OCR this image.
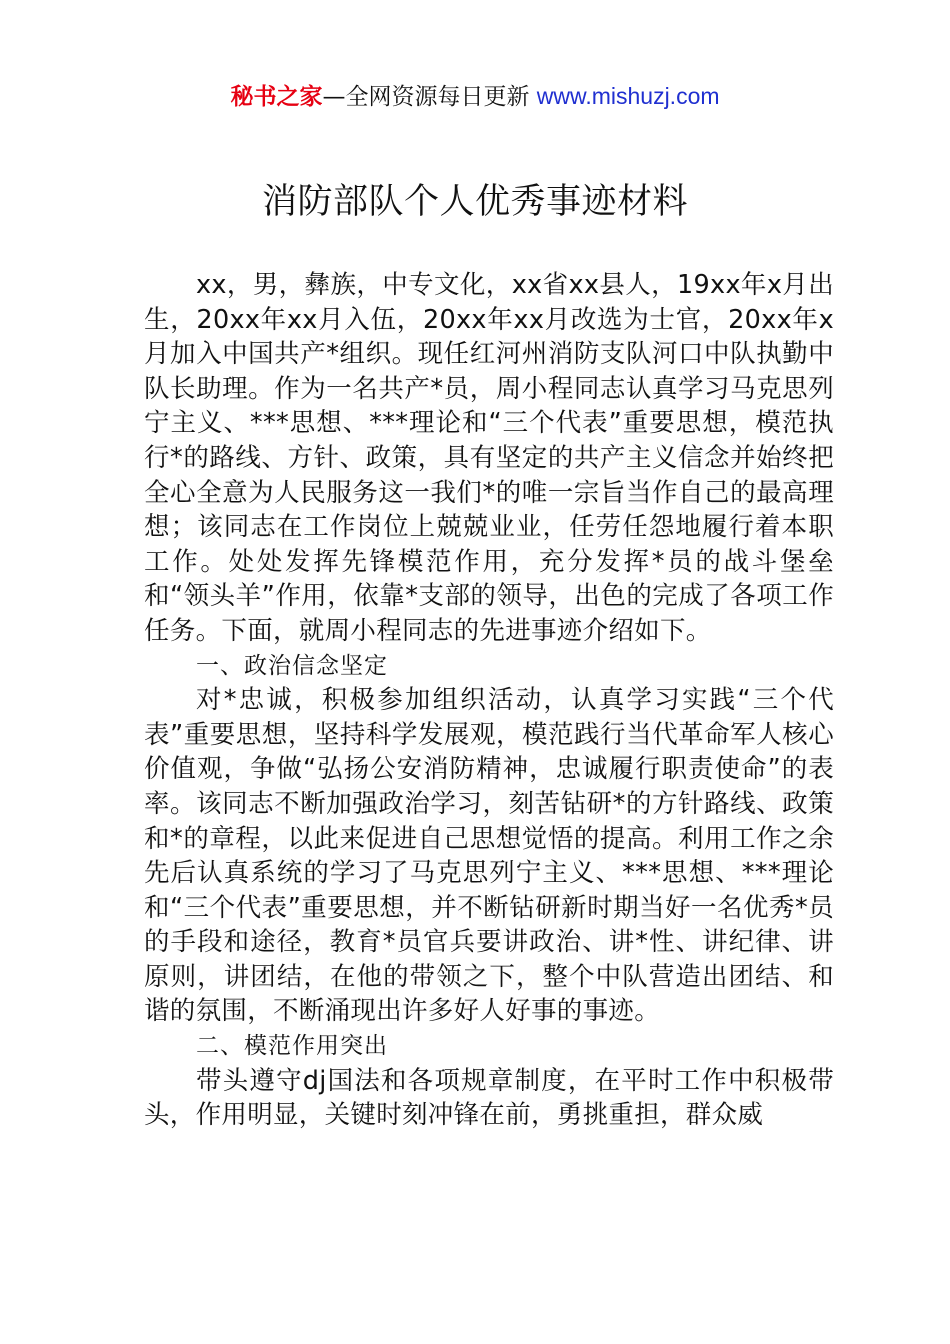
秘书之家—全网资源每日更新 www.mishuzj.com
消防部队个人优秀事迹材料

xx，男，彝族，中专文化，xx省xx县人，19xx年x月出生，20xx年xx月入伍，20xx年xx月改选为士官，20xx年x月加入中国共产*组织。现任红河州消防支队河口中队执勤中队长助理。作为一名共产*员，周小程同志认真学习马克思列宁主义、***思想、***理论和“三个代表”重要思想，模范执行*的路线、方针、政策，具有坚定的共产主义信念并始终把全心全意为人民服务这一我们*的唯一宗旨当作自己的最高理想；该同志在工作岗位上兢兢业业，任劳任怨地履行着本职工作。处处发挥先锋模范作用，充分发挥*员的战斗堡垒和“领头羊”作用，依靠*支部的领导，出色的完成了各项工作任务。下面，就周小程同志的先进事迹介绍如下。

一、政治信念坚定

对*忠诚，积极参加组织活动，认真学习实践“三个代表”重要思想，坚持科学发展观，模范践行当代革命军人核心价值观，争做“弘扬公安消防精神，忠诚履行职责使命”的表率。该同志不断加强政治学习，刻苦钻研*的方针路线、政策和*的章程，以此来促进自己思想觉悟的提高。利用工作之余先后认真系统的学习了马克思列宁主义、***思想、***理论和“三个代表”重要思想，并不断钻研新时期当好一名优秀*员的手段和途径，教育*员官兵要讲政治、讲*性、讲纪律、讲原则，讲团结，在他的带领之下，整个中队营造出团结、和谐的氛围，不断涌现出许多好人好事的事迹。

二、模范作用突出

带头遵守dj国法和各项规章制度，在平时工作中积极带头，作用明显，关键时刻冲锋在前，勇挑重担，群众威
